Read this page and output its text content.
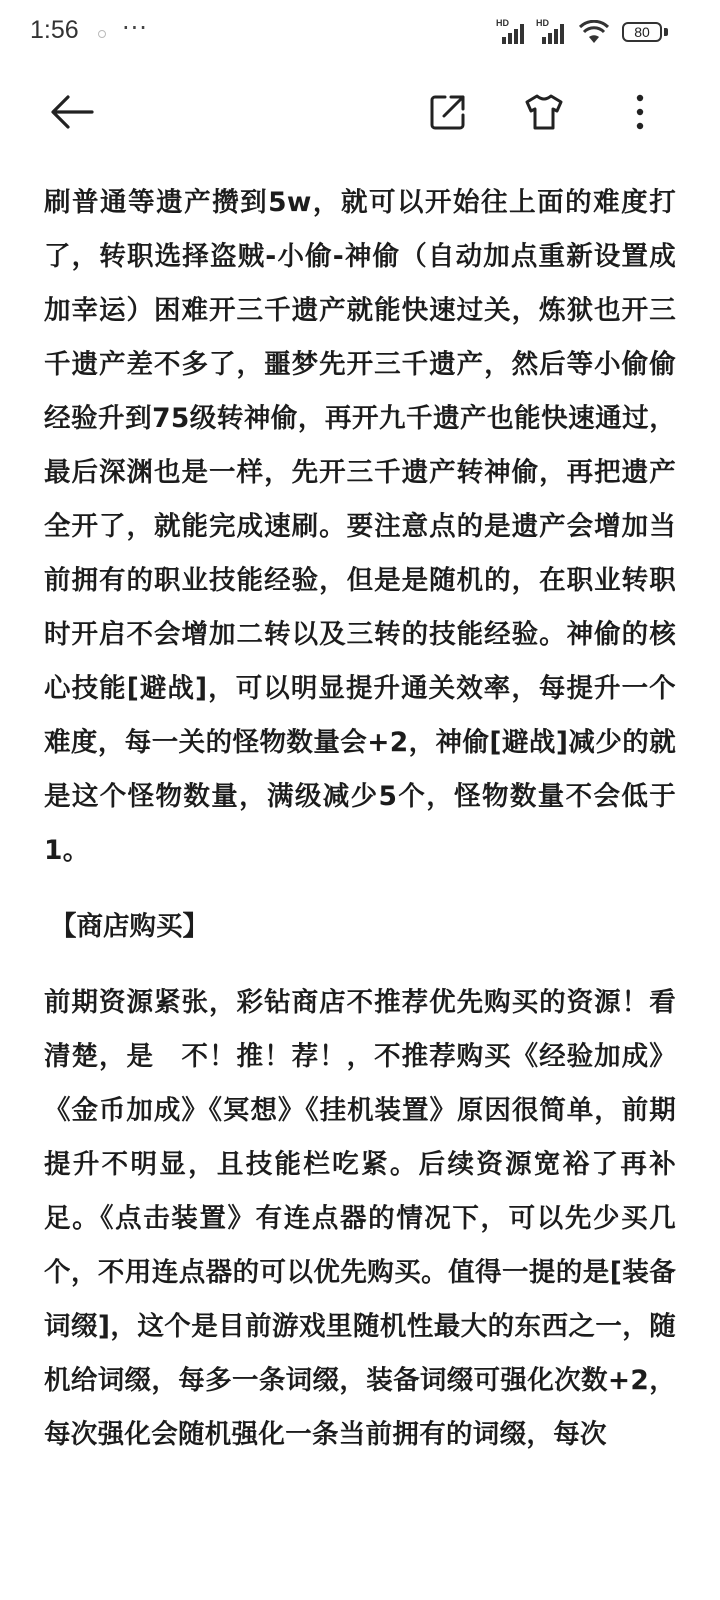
1:56 ···	HD	HD
80

刷普通等遗产攒到5w，就可以开始往上面的难度打了，转职选择盗贼-小偷-神偷（自动加点重新设置成加幸运）困难开三千遗产就能快速过关，炼狱也开三千遗产差不多了，噩梦先开三千遗产，然后等小偷偷经验升到75级转神偷，再开九千遗产也能快速通过，最后深渊也是一样，先开三千遗产转神偷，再把遗产全开了，就能完成速刷。要注意点的是遗产会增加当前拥有的职业技能经验，但是是随机的，在职业转职时开启不会增加二转以及三转的技能经验。神偷的核心技能[避战]，可以明显提升通关效率，每提升一个难度，每一关的怪物数量会+2，神偷[避战]减少的就是这个怪物数量，满级减少5个，怪物数量不会低于1。

【商店购买】

前期资源紧张，彩钻商店不推荐优先购买的资源！看清楚，是　不！推！荐！，不推荐购买《经验加成》《金币加成》《冥想》《挂机装置》原因很简单，前期提升不明显，且技能栏吃紧。后续资源宽裕了再补足。《点击装置》有连点器的情况下，可以先少买几个，不用连点器的可以优先购买。值得一提的是[装备词缀]，这个是目前游戏里随机性最大的东西之一，随机给词缀，每多一条词缀，装备词缀可强化次数+2，每次强化会随机强化一条当前拥有的词缀，每次
